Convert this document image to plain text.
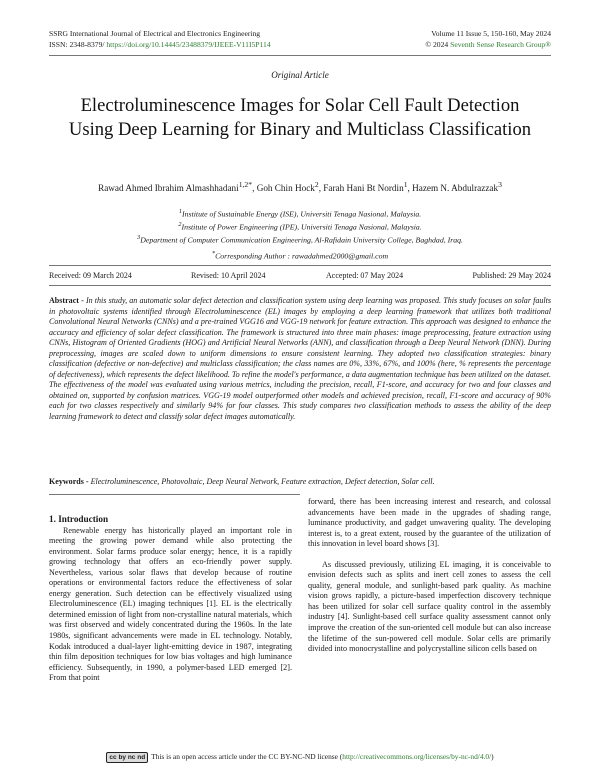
SSRG International Journal of Electrical and Electronics Engineering
ISSN: 2348-8379/ https://doi.org/10.14445/23488379/IJEEE-V11I5P114
Volume 11 Issue 5, 150-160, May 2024
© 2024 Seventh Sense Research Group®
Original Article
Electroluminescence Images for Solar Cell Fault Detection Using Deep Learning for Binary and Multiclass Classification
Rawad Ahmed Ibrahim Almashhadani$^{1,2*}$, Goh Chin Hock$^2$, Farah Hani Bt Nordin$^1$, Hazem N. Abdulrazzak$^3$
$^1$Institute of Sustainable Energy (ISE), Universiti Tenaga Nasional, Malaysia.
$^2$Institute of Power Engineering (IPE), Universiti Tenaga Nasional, Malaysia.
$^3$Department of Computer Communication Engineering, Al-Rafidain University College, Baghdad, Iraq.
*Corresponding Author : rawadahmed2000@gmail.com
Received: 09 March 2024	Revised: 10 April 2024	Accepted: 07 May 2024	Published: 29 May 2024
Abstract - In this study, an automatic solar defect detection and classification system using deep learning was proposed. This study focuses on solar faults in photovoltaic systems identified through Electroluminescence (EL) images by employing a deep learning framework that utilizes both traditional Convolutional Neural Networks (CNNs) and a pre-trained VGG16 and VGG-19 network for feature extraction. This approach was designed to enhance the accuracy and efficiency of solar defect classification. The framework is structured into three main phases: image preprocessing, feature extraction using CNNs, Histogram of Oriented Gradients (HOG) and Artificial Neural Networks (ANN), and classification through a Deep Neural Network (DNN). During preprocessing, images are scaled down to uniform dimensions to ensure consistent learning. They adopted two classification strategies: binary classification (defective or non-defective) and multiclass classification; the class names are 0%, 33%, 67%, and 100% (here, % represents the percentage of defectiveness), which represents the defect likelihood. To refine the model's performance, a data augmentation technique has been utilized on the dataset. The effectiveness of the model was evaluated using various metrics, including the precision, recall, F1-score, and accuracy for two and four classes and obtained on, supported by confusion matrices. VGG-19 model outperformed other models and achieved precision, recall, F1-score and accuracy of 90% each for two classes respectively and similarly 94% for four classes. This study compares two classification methods to assess the ability of the deep learning framework to detect and classify solar defect images automatically.
Keywords - Electroluminescence, Photovoltaic, Deep Neural Network, Feature extraction, Defect detection, Solar cell.
1. Introduction

Renewable energy has historically played an important role in meeting the growing power demand while also protecting the environment. Solar farms produce solar energy; hence, it is a rapidly growing technology that offers an eco-friendly power supply. Nevertheless, various solar flaws that develop because of routine operations or environmental factors reduce the effectiveness of solar energy generation. Such detection can be effectively visualized using Electroluminescence (EL) imaging techniques [1]. EL is the electrically determined emission of light from non-crystalline natural materials, which was first observed and widely concentrated during the 1960s. In the late 1980s, significant advancements were made in EL technology. Notably, Kodak introduced a dual-layer light-emitting device in 1987, integrating thin film deposition techniques for low bias voltages and high luminance efficiency. Subsequently, in 1990, a polymer-based LED emerged [2]. From that point

forward, there has been increasing interest and research, and colossal advancements have been made in the upgrades of shading range, luminance productivity, and gadget unwavering quality. The developing interest is, to a great extent, roused by the guarantee of the utilization of this innovation in level board shows [3].

As discussed previously, utilizing EL imaging, it is conceivable to envision defects such as splits and inert cell zones to assess the cell quality, general module, and sunlight-based park quality. As machine vision grows rapidly, a picture-based imperfection discovery technique has been utilized for solar cell surface quality control in the assembly industry [4]. Sunlight-based cell surface quality assessment cannot only improve the creation of the sun-oriented cell module but can also increase the lifetime of the sun-powered cell module. Solar cells are primarily divided into monocrystalline and polycrystalline silicon cells based on

cc by nc nd This is an open access article under the CC BY-NC-ND license (http://creativecommons.org/licenses/by-nc-nd/4.0/)
